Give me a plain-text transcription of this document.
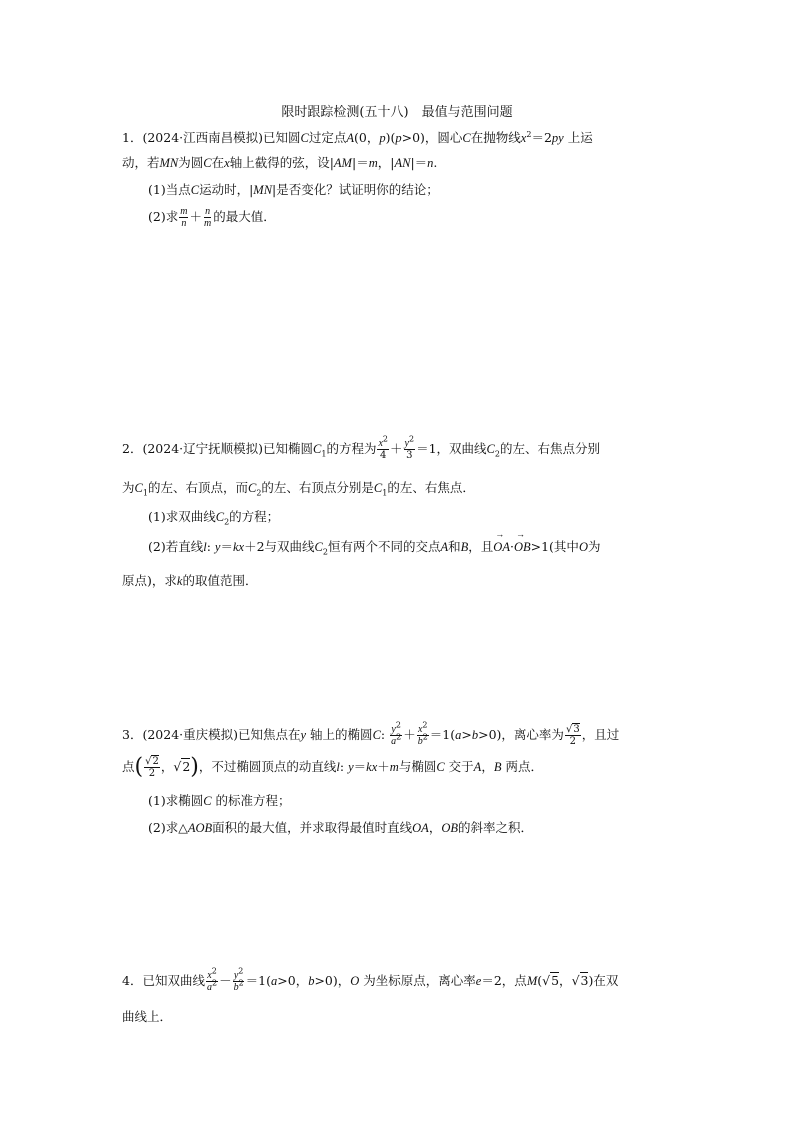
限时跟踪检测(五十八)　最值与范围问题
1．(2024·江西南昌模拟)已知圆C过定点A(0，p)(p>0)，圆心C在抛物线$x^2=2py$ 上运
动，若MN为圆C在x轴上截得的弦，设|AM|＝m，|AN|＝n.
(1)当点C运动时，|MN|是否变化？试证明你的结论；
(2)求 $\frac{m}{n} + \frac{n}{m}$ 的最大值．
2．(2024·辽宁抚顺模拟)已知椭圆$C_1$的方程为 $\frac{x^2}{4} + \frac{y^2}{3} =1$，双曲线$C_2$的左、右焦点分别
为$C_1$的左、右顶点，而$C_2$的左、右顶点分别是$C_1$的左、右焦点．
(1)求双曲线$C_2$的方程；
(2)若直线l: y＝kx＋2与双曲线$C_2$恒有两个不同的交点A和B，且→ OA·→ OB>1(其中O为
原点)，求k的取值范围．
3．(2024·重庆模拟)已知焦点在y 轴上的椭圆C: $\frac{y^2}{a^2} + \frac{x^2}{b^2} =1(a>b>0)$，离心率为 $\frac{√3}{2}$ ，且过
点( $\frac{√2}{2}$ ，√2)，不过椭圆顶点的动直线l: y＝kx＋m与椭圆C 交于A，B 两点．
(1)求椭圆C 的标准方程；
(2)求△AOB面积的最大值，并求取得最值时直线OA，OB的斜率之积．
4．已知双曲线 $\frac{x^2}{a^2} - \frac{y^2}{b^2} =1(a>0$，b>0)，O 为坐标原点，离心率e＝2，点M(√5，√3)在双
曲线上．
